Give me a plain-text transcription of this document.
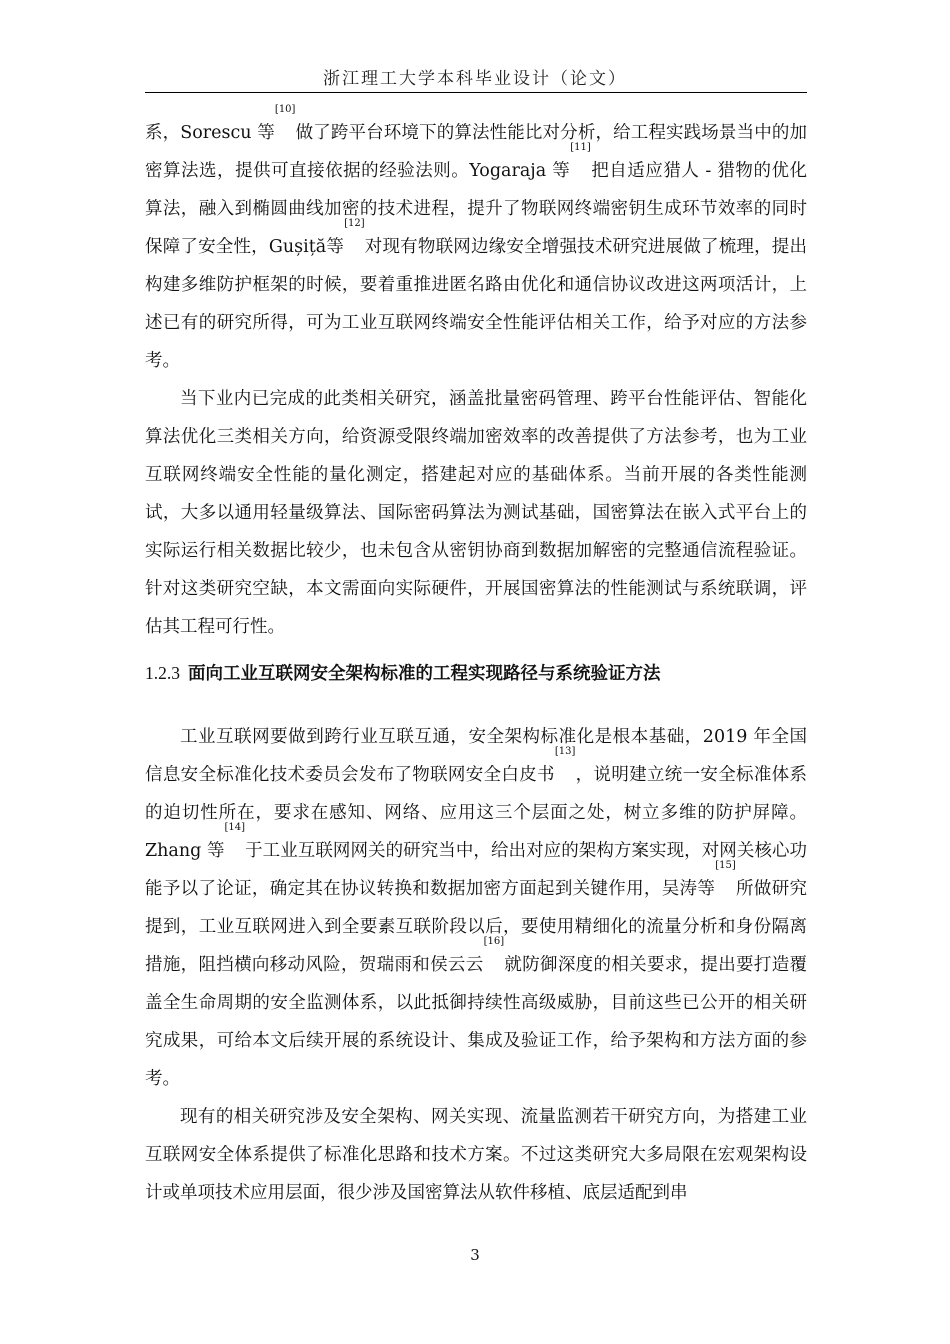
浙江理工大学本科毕业设计（论文）

系，Sorescu 等[10]做了跨平台环境下的算法性能比对分析，给工程实践场景当中的加密算法选，提供可直接依据的经验法则。Yogaraja 等[11]把自适应猎人 - 猎物的优化算法，融入到椭圆曲线加密的技术进程，提升了物联网终端密钥生成环节效率的同时保障了安全性，Gușiță等[12]对现有物联网边缘安全增强技术研究进展做了梳理，提出构建多维防护框架的时候，要着重推进匿名路由优化和通信协议改进这两项活计，上述已有的研究所得，可为工业互联网终端安全性能评估相关工作，给予对应的方法参考。

当下业内已完成的此类相关研究，涵盖批量密码管理、跨平台性能评估、智能化算法优化三类相关方向，给资源受限终端加密效率的改善提供了方法参考，也为工业互联网终端安全性能的量化测定，搭建起对应的基础体系。当前开展的各类性能测试，大多以通用轻量级算法、国际密码算法为测试基础，国密算法在嵌入式平台上的实际运行相关数据比较少，也未包含从密钥协商到数据加解密的完整通信流程验证。针对这类研究空缺，本文需面向实际硬件，开展国密算法的性能测试与系统联调，评估其工程可行性。

1.2.3 面向工业互联网安全架构标准的工程实现路径与系统验证方法

工业互联网要做到跨行业互联互通，安全架构标准化是根本基础，2019 年全国信息安全标准化技术委员会发布了物联网安全白皮书[13]，说明建立统一安全标准体系的迫切性所在，要求在感知、网络、应用这三个层面之处，树立多维的防护屏障。Zhang 等[14]于工业互联网网关的研究当中，给出对应的架构方案实现，对网关核心功能予以了论证，确定其在协议转换和数据加密方面起到关键作用，吴涛等[15]所做研究提到，工业互联网进入到全要素互联阶段以后，要使用精细化的流量分析和身份隔离措施，阻挡横向移动风险，贺瑞雨和侯云云[16]就防御深度的相关要求，提出要打造覆盖全生命周期的安全监测体系，以此抵御持续性高级威胁，目前这些已公开的相关研究成果，可给本文后续开展的系统设计、集成及验证工作，给予架构和方法方面的参考。

现有的相关研究涉及安全架构、网关实现、流量监测若干研究方向，为搭建工业互联网安全体系提供了标准化思路和技术方案。不过这类研究大多局限在宏观架构设计或单项技术应用层面，很少涉及国密算法从软件移植、底层适配到串

3
